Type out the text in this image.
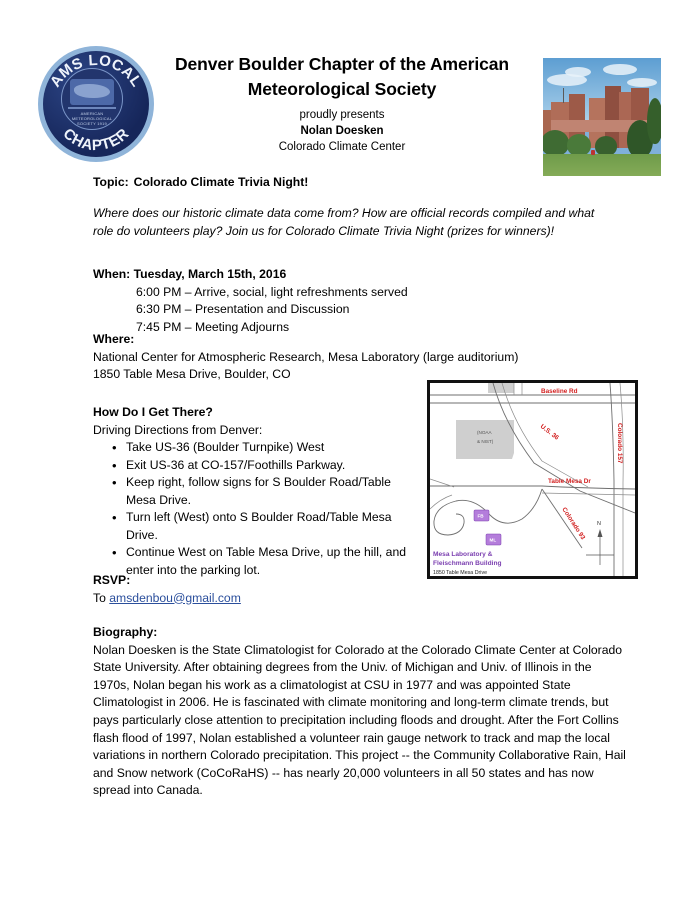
AMERICAN METEOROLOGICAL SOCIETY 1919
AMS LOCAL
CHAPTER
Denver Boulder Chapter of the American Meteorological Society
proudly presents
Nolan Doesken
Colorado Climate Center
Topic: Colorado Climate Trivia Night!
Where does our historic climate data come from? How are official records compiled and what role do volunteers play? Join us for Colorado Climate Trivia Night (prizes for winners)!
When: Tuesday, March 15th, 2016
6:00 PM – Arrive, social, light refreshments served
6:30 PM – Presentation and Discussion
7:45 PM – Meeting Adjourns
Where:
National Center for Atmospheric Research, Mesa Laboratory (large auditorium)
1850 Table Mesa Drive, Boulder, CO
How Do I Get There?
Driving Directions from Denver:
• Take US-36 (Boulder Turnpike) West
• Exit US-36 at CO-157/Foothills Parkway.
• Keep right, follow signs for S Boulder Road/Table Mesa Drive.
• Turn left (West) onto S Boulder Road/Table Mesa Drive.
• Continue West on Table Mesa Drive, up the hill, and enter into the parking lot.
RSVP:
To amsdenbou@gmail.com
(NOAA
& NIST)
Baseline Rd
Colorado 157
U.S. 36
Table Mesa Dr
Colorado 93
FB
ML
Mesa Laboratory &
Fleischmann Building
1850 Table Mesa Drive
N
Biography:
Nolan Doesken is the State Climatologist for Colorado at the Colorado Climate Center at Colorado State University. After obtaining degrees from the Univ. of Michigan and Univ. of Illinois in the 1970s, Nolan began his work as a climatologist at CSU in 1977 and was appointed State Climatologist in 2006. He is fascinated with climate monitoring and long-term climate trends, but pays particularly close attention to precipitation including floods and drought. After the Fort Collins flash flood of 1997, Nolan established a volunteer rain gauge network to track and map the local variations in northern Colorado precipitation. This project -- the Community Collaborative Rain, Hail and Snow network (CoCoRaHS) -- has nearly 20,000 volunteers in all 50 states and has now spread into Canada.
